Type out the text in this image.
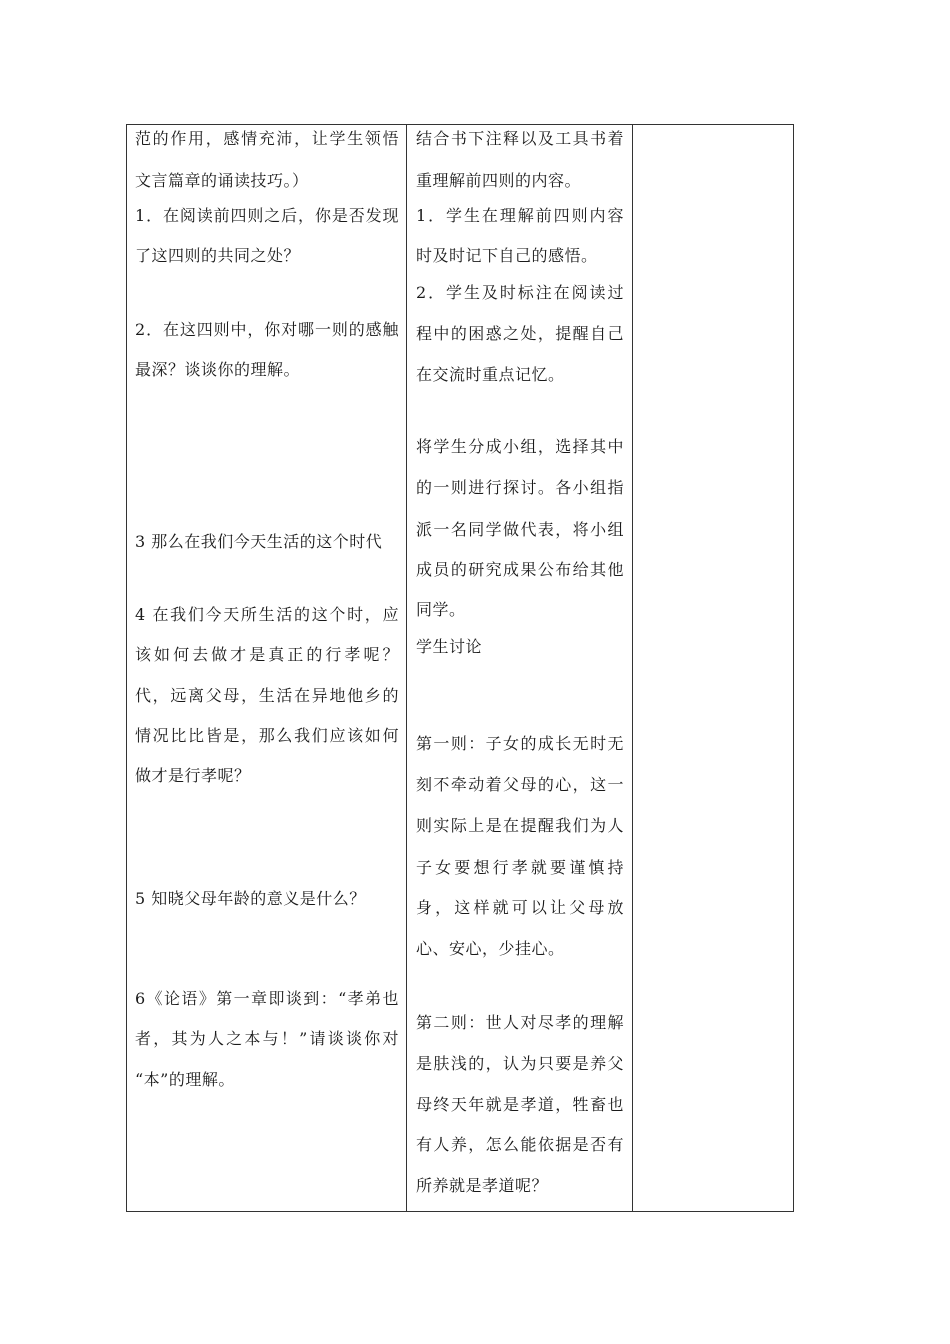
范的作用，感情充沛，让学生领悟
文言篇章的诵读技巧。）
1．在阅读前四则之后，你是否发现
了这四则的共同之处？
2．在这四则中，你对哪一则的感触
最深？谈谈你的理解。
3 那么在我们今天生活的这个时代
4 在我们今天所生活的这个时，应
该如何去做才是真正的行孝呢？
代，远离父母，生活在异地他乡的
情况比比皆是，那么我们应该如何
做才是行孝呢？
5 知晓父母年龄的意义是什么？
6《论语》第一章即谈到：“孝弟也
者，其为人之本与！”请谈谈你对
“本”的理解。
结合书下注释以及工具书着
重理解前四则的内容。
1．学生在理解前四则内容
时及时记下自己的感悟。
2．学生及时标注在阅读过
程中的困惑之处，提醒自己
在交流时重点记忆。
将学生分成小组，选择其中
的一则进行探讨。各小组指
派一名同学做代表，将小组
成员的研究成果公布给其他
同学。
学生讨论
第一则：子女的成长无时无
刻不牵动着父母的心，这一
则实际上是在提醒我们为人
子女要想行孝就要谨慎持
身，这样就可以让父母放
心、安心，少挂心。
第二则：世人对尽孝的理解
是肤浅的，认为只要是养父
母终天年就是孝道，牲畜也
有人养，怎么能依据是否有
所养就是孝道呢？
